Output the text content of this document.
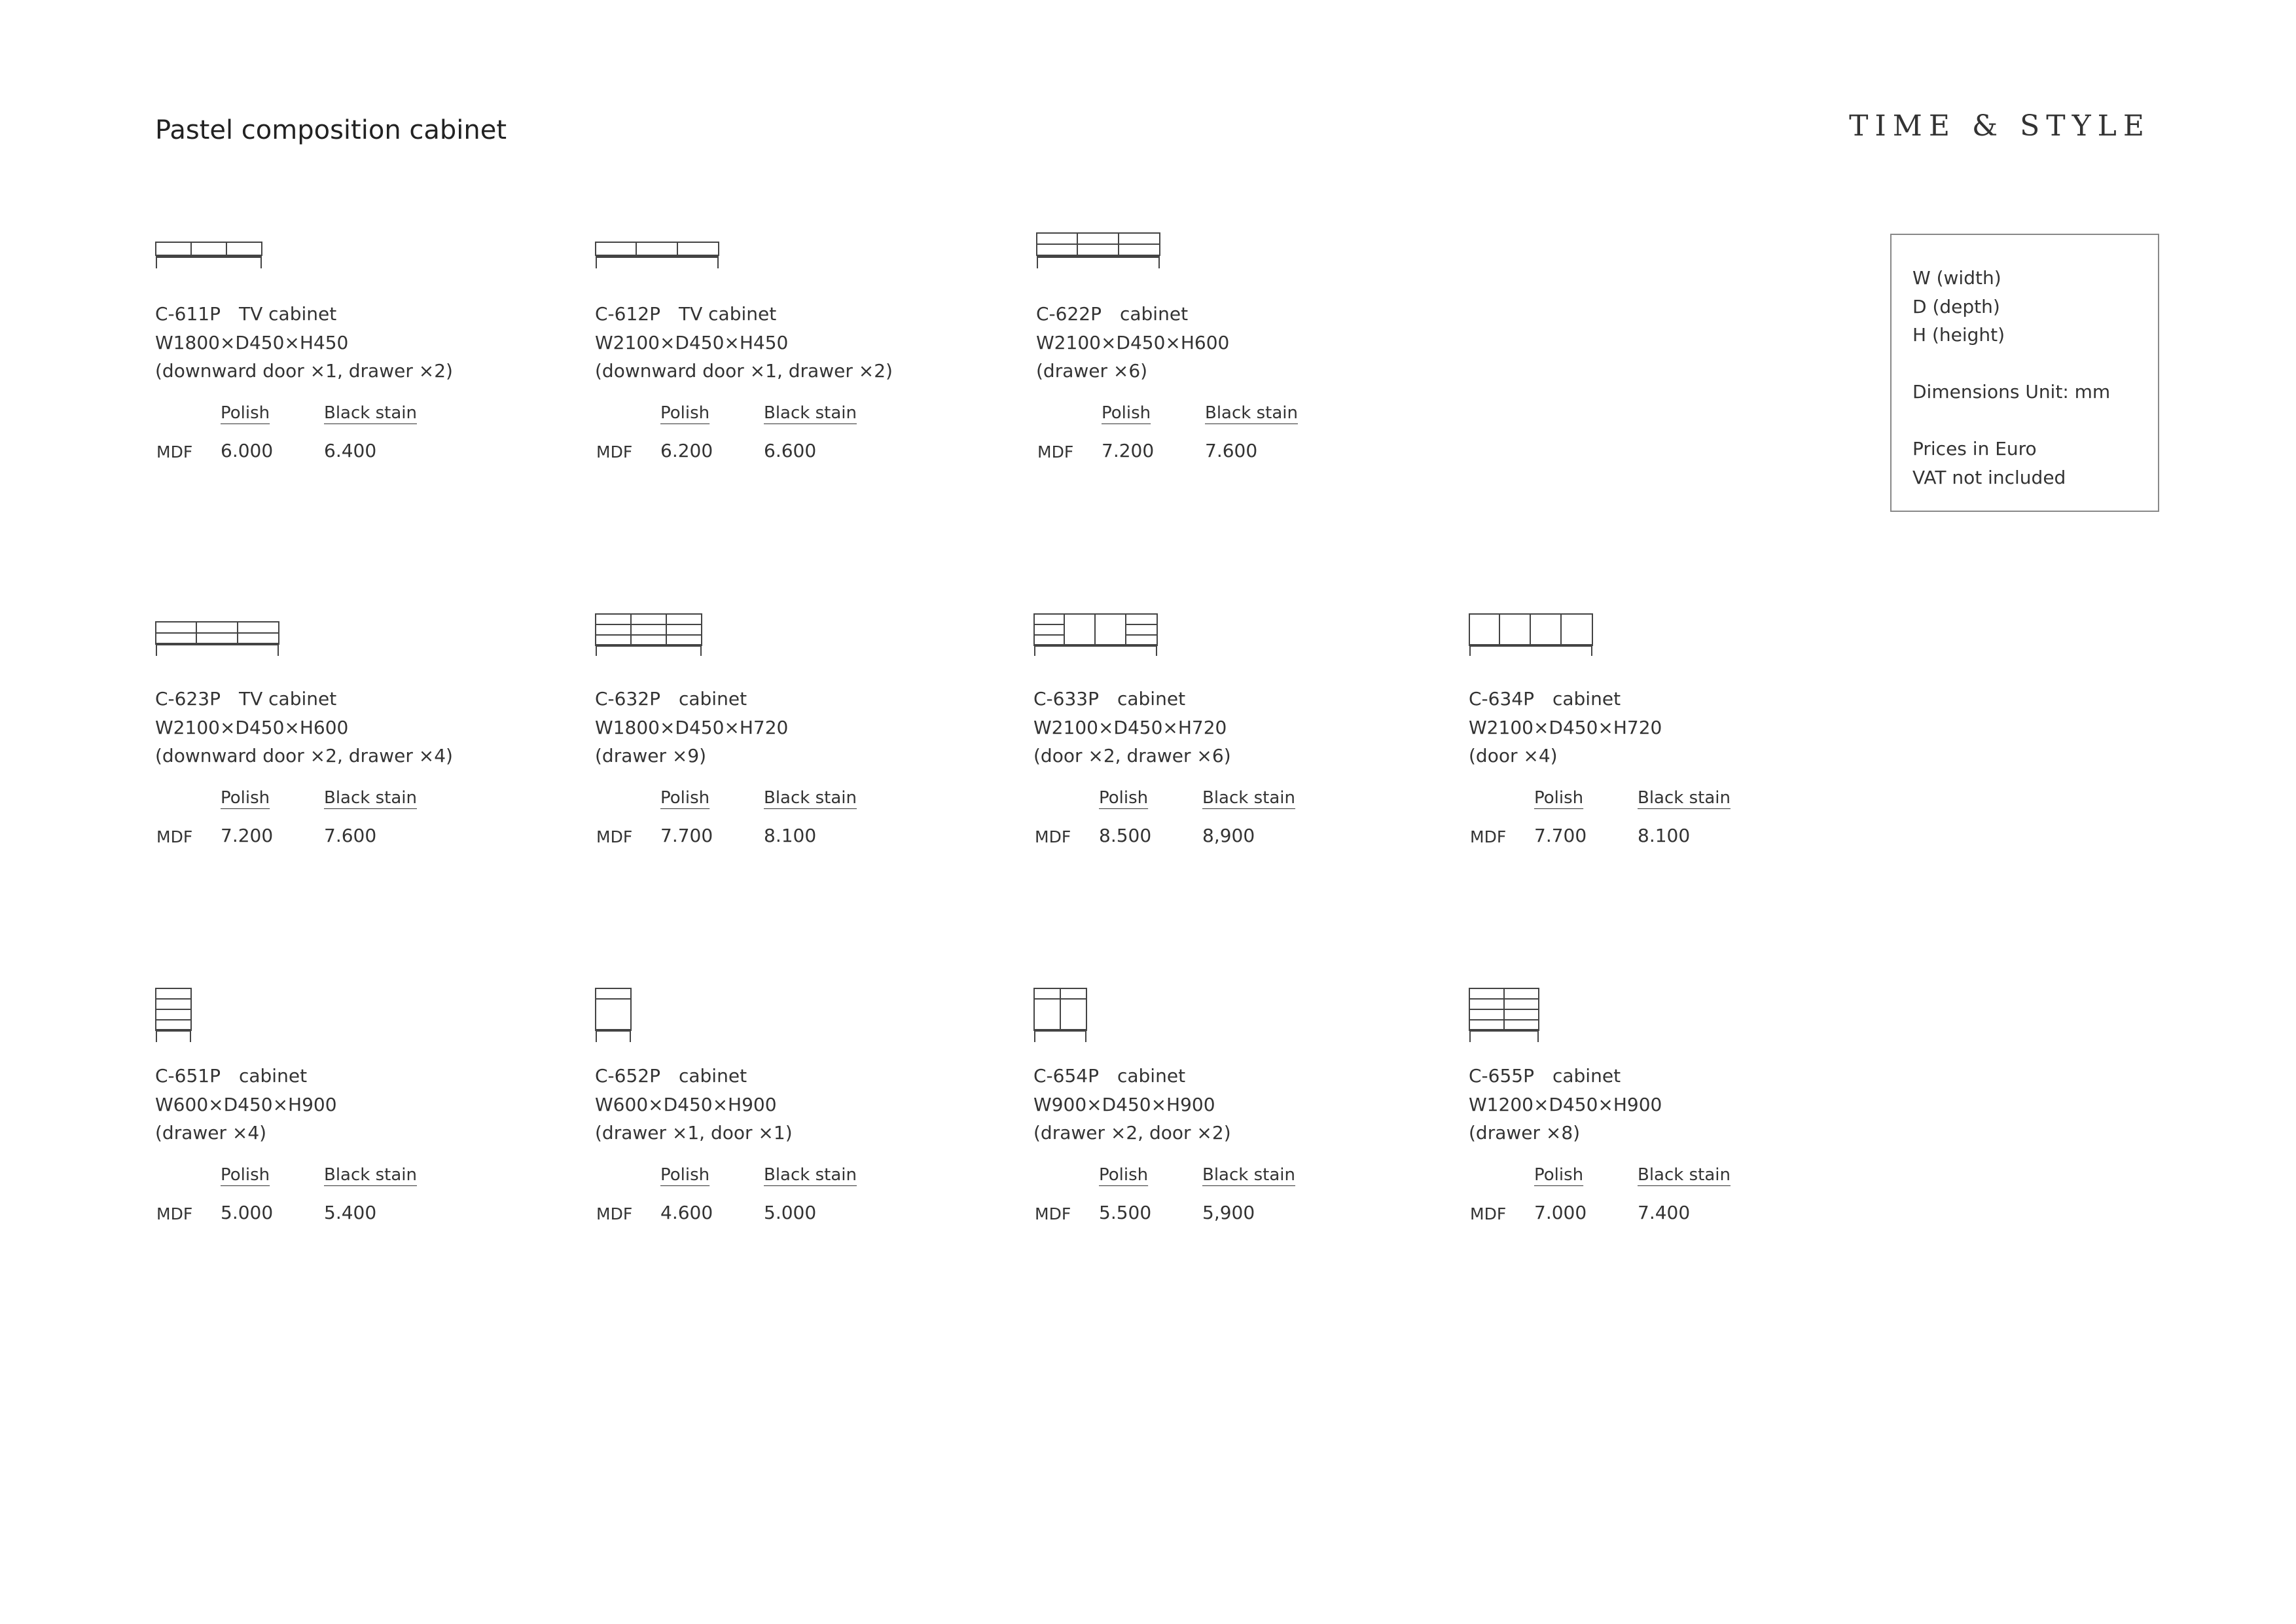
Pastel composition cabinet	TIME & STYLE
W (width)
D (depth)
H (height)
Dimensions Unit: mm
Prices in Euro
VAT not included
C-611P TV cabinet
W1800×D450×H450
(downward door ×1, drawer ×2)
Polish	Black stain
MDF 6.000	6.400
C-612P TV cabinet
W2100×D450×H450
(downward door ×1, drawer ×2)
Polish	Black stain
MDF 6.200	6.600
C-622P cabinet
W2100×D450×H600
(drawer ×6)
Polish	Black stain
MDF 7.200	7.600
C-623P TV cabinet
W2100×D450×H600
(downward door ×2, drawer ×4)
Polish	Black stain
MDF 7.200	7.600
C-632P cabinet
W1800×D450×H720
(drawer ×9)
Polish	Black stain
MDF 7.700	8.100
C-633P cabinet
W2100×D450×H720
(door ×2, drawer ×6)
Polish	Black stain
MDF 8.500	8,900
C-634P cabinet
W2100×D450×H720
(door ×4)
Polish	Black stain
MDF 7.700	8.100
C-651P cabinet
W600×D450×H900
(drawer ×4)
Polish	Black stain
MDF 5.000	5.400
C-652P cabinet
W600×D450×H900
(drawer ×1, door ×1)
Polish	Black stain
MDF 4.600	5.000
C-654P cabinet
W900×D450×H900
(drawer ×2, door ×2)
Polish	Black stain
MDF 5.500	5,900
C-655P cabinet
W1200×D450×H900
(drawer ×8)
Polish	Black stain
MDF 7.000	7.400
